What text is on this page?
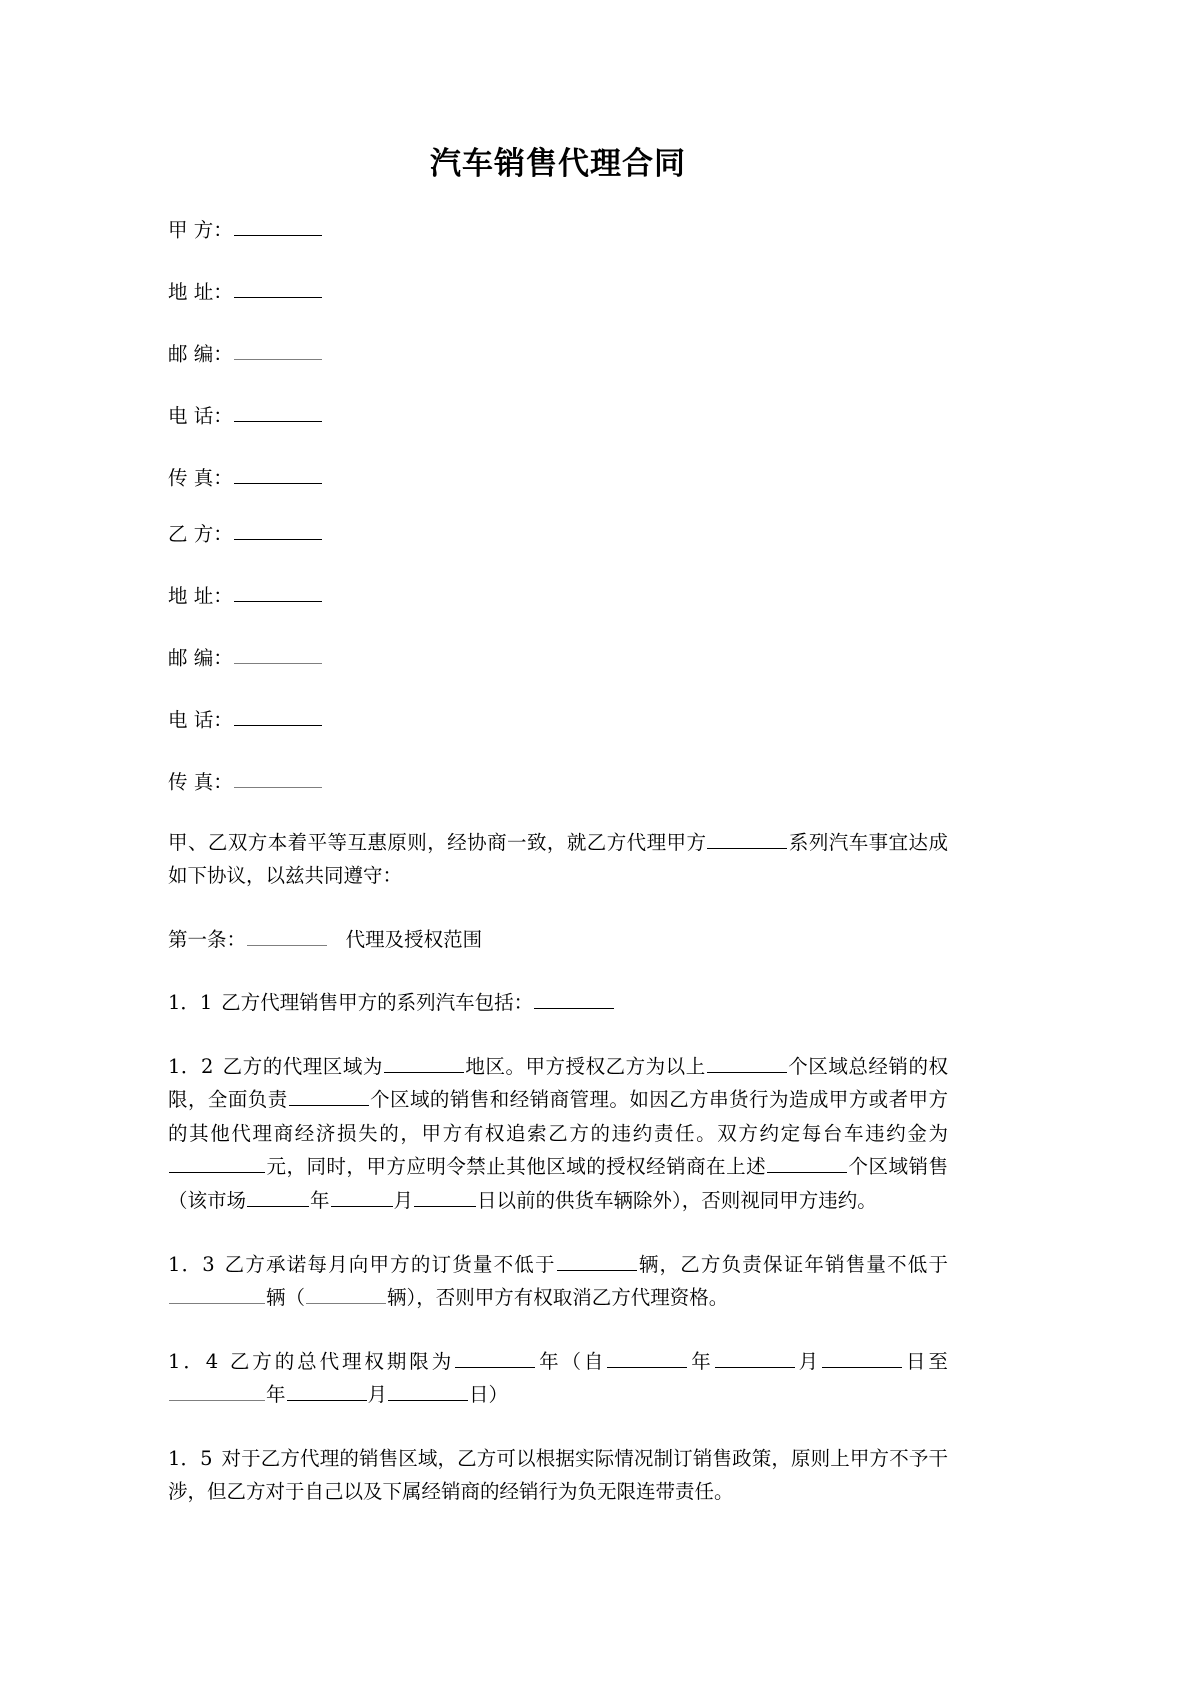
汽车销售代理合同
甲 方：
地 址：
邮 编：
电 话：
传 真：
乙 方：
地 址：
邮 编：
电 话：
传 真：

甲、乙双方本着平等互惠原则，经协商一致，就乙方代理甲方	系列汽车事宜达成如下协议，以兹共同遵守：

第一条：	代理及授权范围

1．1 乙方代理销售甲方的系列汽车包括：

1．2 乙方的代理区域为	地区。甲方授权乙方为以上	个区域总经销的权限，全面负责	个区域的销售和经销商管理。如因乙方串货行为造成甲方或者甲方的其他代理商经济损失的，甲方有权追索乙方的违约责任。双方约定每台车违约金为元，同时，甲方应明令禁止其他区域的授权经销商在上述	个区域销售（该市场	年	月	日以前的供货车辆除外），否则视同甲方违约。

1．3 乙方承诺每月向甲方的订货量不低于	辆，乙方负责保证年销售量不低于辆（	辆），否则甲方有权取消乙方代理资格。

1．4 乙方的总代理权期限为	年（自	年	月	日至年	月	日）

1．5 对于乙方代理的销售区域，乙方可以根据实际情况制订销售政策，原则上甲方不予干涉，但乙方对于自己以及下属经销商的经销行为负无限连带责任。
